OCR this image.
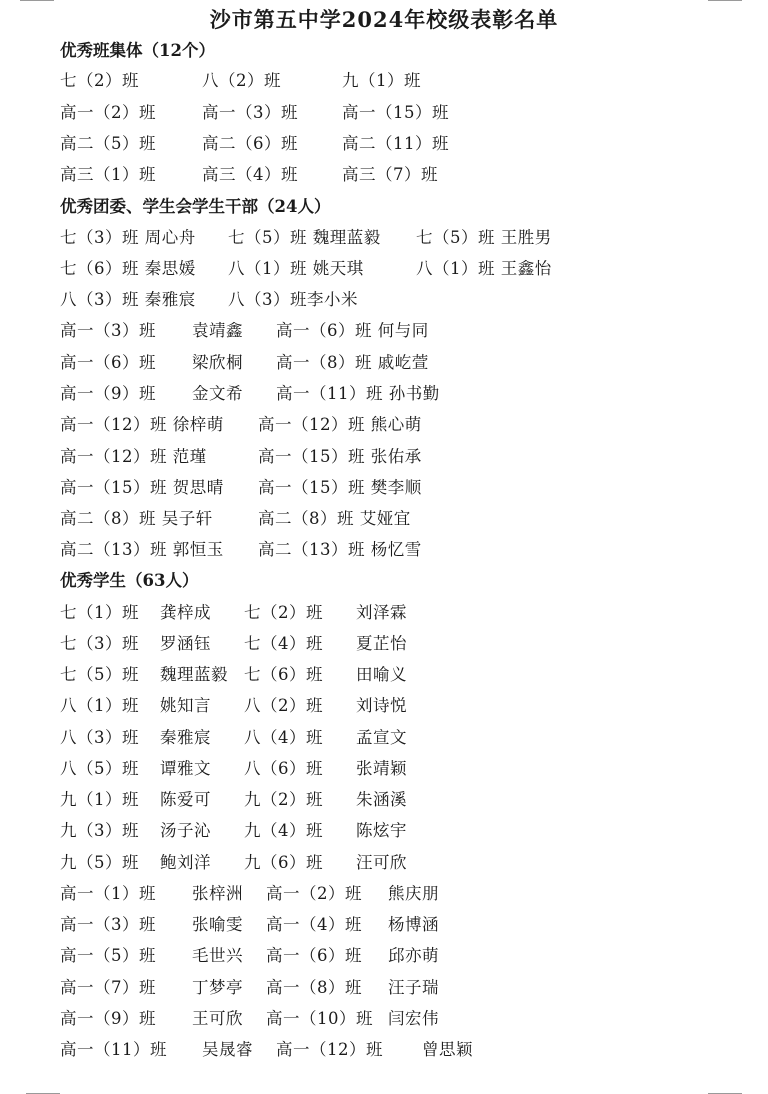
沙市第五中学2024年校级表彰名单
优秀班集体（12个）
七（2）班	八（2）班	九（1）班
高一（2）班	高一（3）班	高一（15）班
高二（5）班	高二（6）班	高二（11）班
高三（1）班	高三（4）班	高三（7）班
优秀团委、学生会学生干部（24人）
七（3）班 周心舟 七（5）班 魏理蓝毅 七（5）班 王胜男
七（6）班 秦思媛 八（1）班 姚天琪	八（1）班 王鑫怡
八（3）班 秦雅宸 八（3）班李小米
高一（3）班 袁靖鑫 高一（6）班 何与同
高一（6）班 梁欣桐 高一（8）班 戚屹萱
高一（9）班 金文希 高一（11）班 孙书勤
高一（12）班 徐梓萌 高一（12）班 熊心萌
高一（12）班 范瑾	高一（15）班 张佑承
高一（15）班 贺思晴 高一（15）班 樊李顺
高二（8）班 吴子轩	高二（8）班 艾娅宜
高二（13）班 郭恒玉 高二（13）班 杨忆雪
优秀学生（63人）
七（1）班 龚梓成 七（2）班 刘泽霖
七（3）班 罗涵钰 七（4）班 夏芷怡
七（5）班 魏理蓝毅 七（6）班 田喻义
八（1）班 姚知言 八（2）班 刘诗悦
八（3）班 秦雅宸 八（4）班 孟宣文
八（5）班 谭雅文 八（6）班 张靖颖
九（1）班 陈爱可 九（2）班 朱涵溪
九（3）班 汤子沁 九（4）班 陈炫宇
九（5）班 鲍刘洋 九（6）班 汪可欣
高一（1）班 张梓洲 高一（2）班 熊庆朋
高一（3）班 张喻雯 高一（4）班 杨博涵
高一（5）班 毛世兴 高一（6）班 邱亦萌
高一（7）班 丁梦亭 高一（8）班 汪子瑞
高一（9）班 王可欣 高一（10）班 闫宏伟
高一（11）班 吴晟睿 高一（12）班 曾思颖
